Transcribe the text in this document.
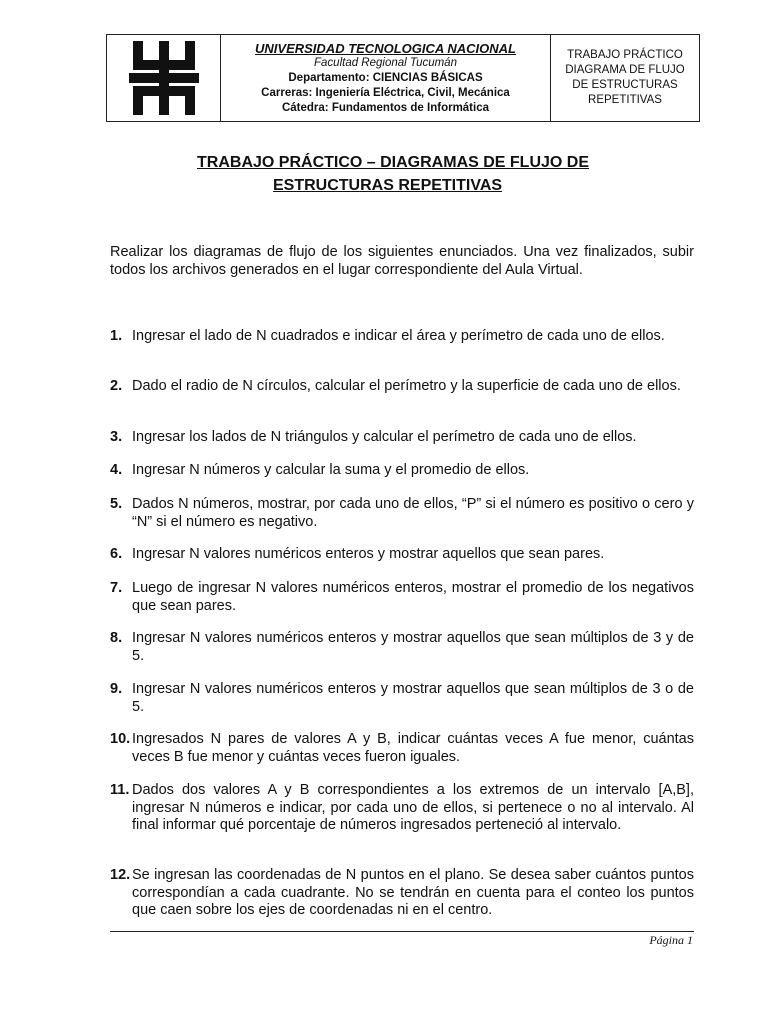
UNIVERSIDAD TECNOLOGICA NACIONAL
Facultad Regional Tucumán
Departamento: CIENCIAS BÁSICAS
Carreras: Ingeniería Eléctrica, Civil, Mecánica
Cátedra: Fundamentos de Informática
TRABAJO PRÁCTICO
DIAGRAMA DE FLUJO
DE ESTRUCTURAS
REPETITIVAS
TRABAJO PRÁCTICO – DIAGRAMAS DE FLUJO DE
ESTRUCTURAS REPETITIVAS
Realizar los diagramas de flujo de los siguientes enunciados. Una vez finalizados, subir todos los archivos generados en el lugar correspondiente del Aula Virtual.
1. Ingresar el lado de N cuadrados e indicar el área y perímetro de cada uno de ellos.
2. Dado el radio de N círculos, calcular el perímetro y la superficie de cada uno de ellos.
3. Ingresar los lados de N triángulos y calcular el perímetro de cada uno de ellos.
4. Ingresar N números y calcular la suma y el promedio de ellos.
5. Dados N números, mostrar, por cada uno de ellos, “P” si el número es positivo o cero y “N” si el número es negativo.
6. Ingresar N valores numéricos enteros y mostrar aquellos que sean pares.
7. Luego de ingresar N valores numéricos enteros, mostrar el promedio de los negativos que sean pares.
8. Ingresar N valores numéricos enteros y mostrar aquellos que sean múltiplos de 3 y de 5.
9. Ingresar N valores numéricos enteros y mostrar aquellos que sean múltiplos de 3 o de 5.
10. Ingresados N pares de valores A y B, indicar cuántas veces A fue menor, cuántas veces B fue menor y cuántas veces fueron iguales.
11. Dados dos valores A y B correspondientes a los extremos de un intervalo [A,B], ingresar N números e indicar, por cada uno de ellos, si pertenece o no al intervalo. Al final informar qué porcentaje de números ingresados perteneció al intervalo.
12. Se ingresan las coordenadas de N puntos en el plano. Se desea saber cuántos puntos correspondían a cada cuadrante. No se tendrán en cuenta para el conteo los puntos que caen sobre los ejes de coordenadas ni en el centro.
Página 1
